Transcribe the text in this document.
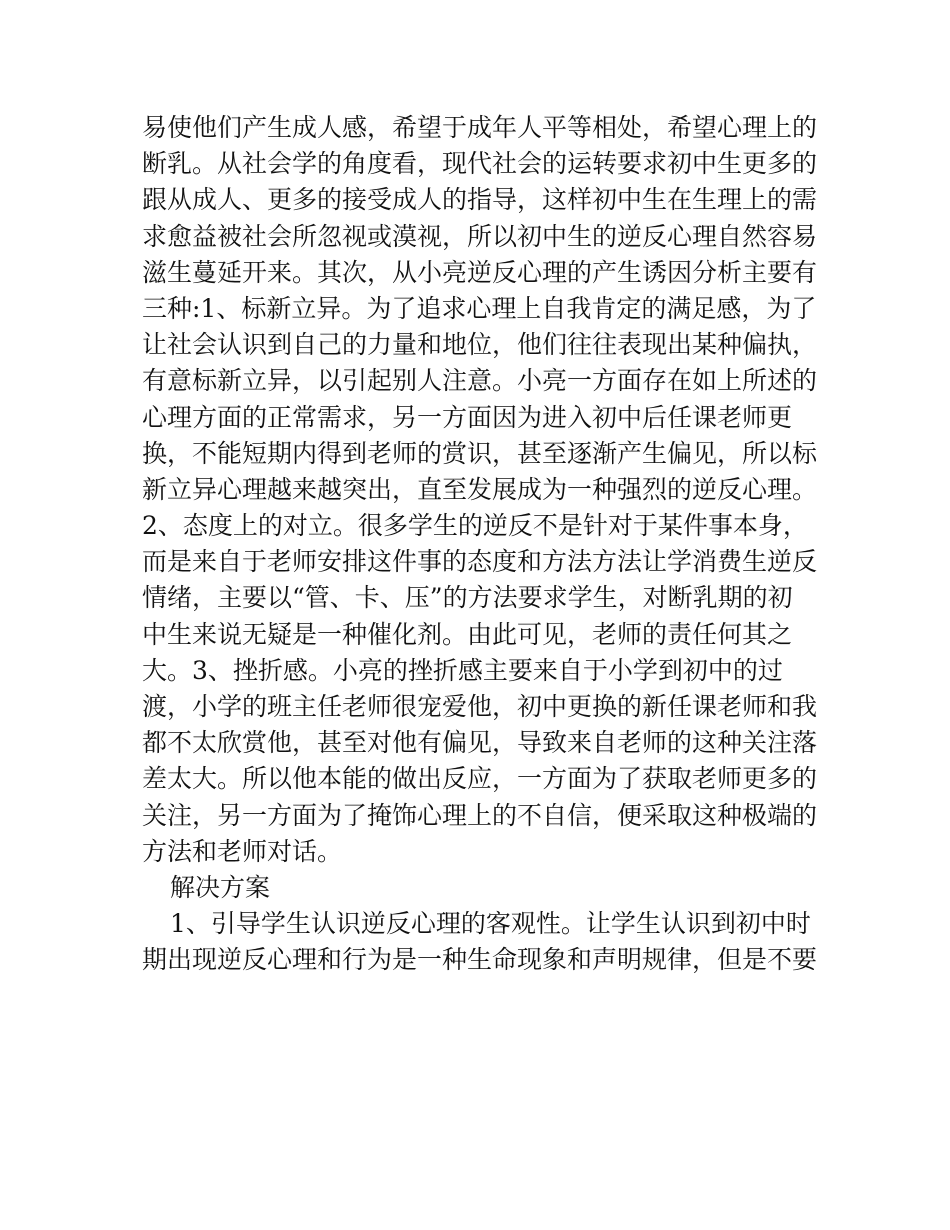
易使他们产生成人感，希望于成年人平等相处，希望心理上的
断乳。从社会学的角度看，现代社会的运转要求初中生更多的
跟从成人、更多的接受成人的指导，这样初中生在生理上的需
求愈益被社会所忽视或漠视，所以初中生的逆反心理自然容易
滋生蔓延开来。其次，从小亮逆反心理的产生诱因分析主要有
三种:1、标新立异。为了追求心理上自我肯定的满足感，为了
让社会认识到自己的力量和地位，他们往往表现出某种偏执，
有意标新立异，以引起别人注意。小亮一方面存在如上所述的
心理方面的正常需求，另一方面因为进入初中后任课老师更
换，不能短期内得到老师的赏识，甚至逐渐产生偏见，所以标
新立异心理越来越突出，直至发展成为一种强烈的逆反心理。
2、态度上的对立。很多学生的逆反不是针对于某件事本身，
而是来自于老师安排这件事的态度和方法方法让学消费生逆反
情绪，主要以“管、卡、压”的方法要求学生，对断乳期的初
中生来说无疑是一种催化剂。由此可见，老师的责任何其之
大。3、挫折感。小亮的挫折感主要来自于小学到初中的过
渡，小学的班主任老师很宠爱他，初中更换的新任课老师和我
都不太欣赏他，甚至对他有偏见，导致来自老师的这种关注落
差太大。所以他本能的做出反应，一方面为了获取老师更多的
关注，另一方面为了掩饰心理上的不自信，便采取这种极端的
方法和老师对话。
解决方案
1、引导学生认识逆反心理的客观性。让学生认识到初中时
期出现逆反心理和行为是一种生命现象和声明规律，但是不要
